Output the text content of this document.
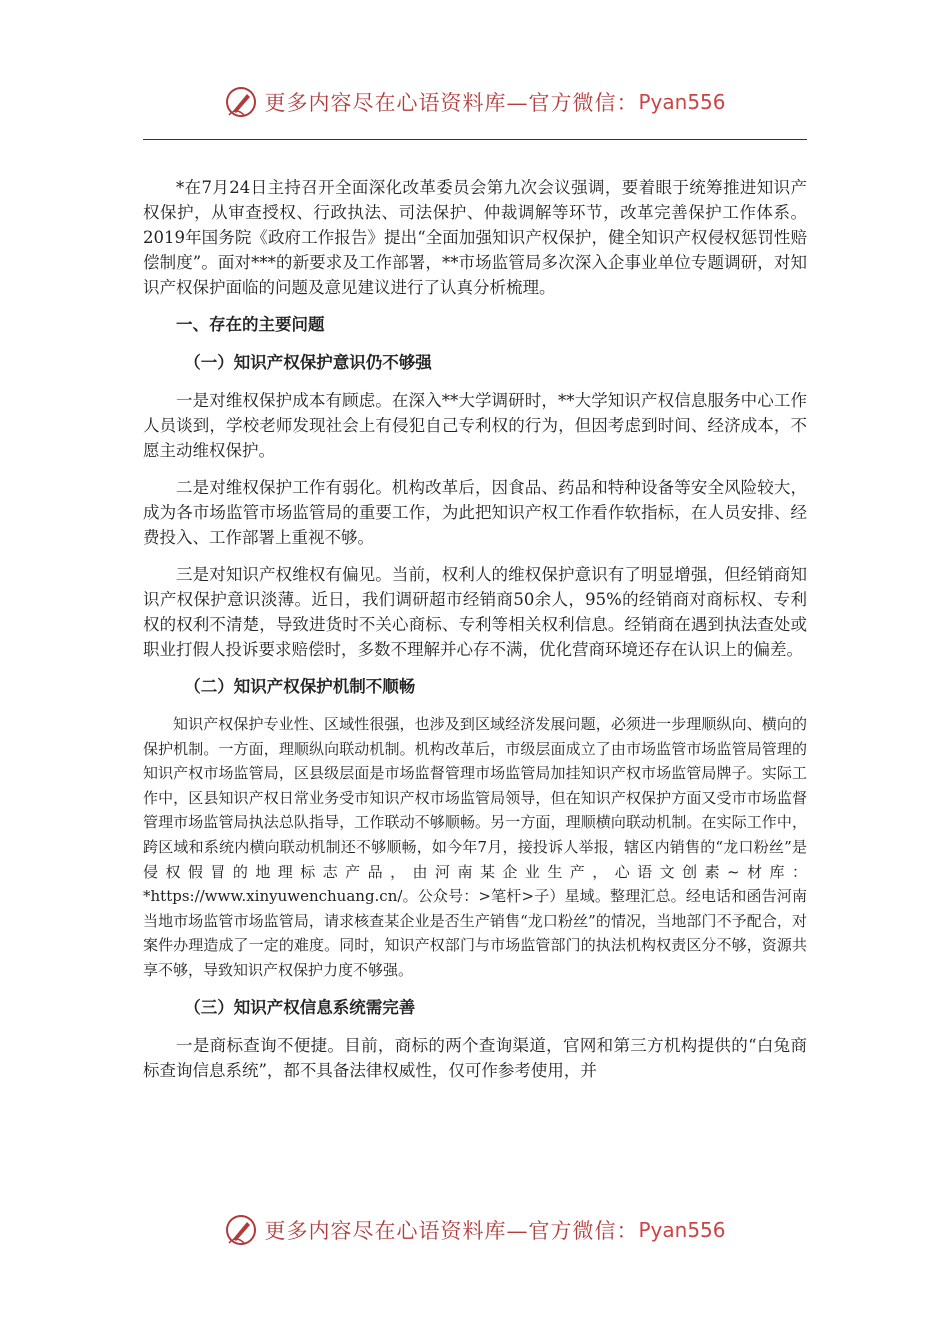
更多内容尽在心语资料库—官方微信： Pyan556

*在7月24日主持召开全面深化改革委员会第九次会议强调，要着眼于统筹推进知识产权保护，从审查授权、行政执法、司法保护、仲裁调解等环节，改革完善保护工作体系。2019年国务院《政府工作报告》提出“全面加强知识产权保护，健全知识产权侵权惩罚性赔偿制度”。面对***的新要求及工作部署，**市场监管局多次深入企事业单位专题调研，对知识产权保护面临的问题及意见建议进行了认真分析梳理。

一、存在的主要问题
（一）知识产权保护意识仍不够强

一是对维权保护成本有顾虑。在深入**大学调研时，**大学知识产权信息服务中心工作人员谈到，学校老师发现社会上有侵犯自己专利权的行为，但因考虑到时间、经济成本，不愿主动维权保护。

二是对维权保护工作有弱化。机构改革后，因食品、药品和特种设备等安全风险较大，成为各市场监管市场监管局的重要工作，为此把知识产权工作看作软指标，在人员安排、经费投入、工作部署上重视不够。

三是对知识产权维权有偏见。当前，权利人的维权保护意识有了明显增强，但经销商知识产权保护意识淡薄。近日，我们调研超市经销商50余人，95%的经销商对商标权、专利权的权利不清楚，导致进货时不关心商标、专利等相关权利信息。经销商在遇到执法查处或职业打假人投诉要求赔偿时，多数不理解并心存不满，优化营商环境还存在认识上的偏差。

（二）知识产权保护机制不顺畅

知识产权保护专业性、区域性很强，也涉及到区域经济发展问题，必须进一步理顺纵向、横向的保护机制。一方面，理顺纵向联动机制。机构改革后，市级层面成立了由市场监管市场监管局管理的知识产权市场监管局，区县级层面是市场监督管理市场监管局加挂知识产权市场监管局牌子。实际工作中，区县知识产权日常业务受市知识产权市场监管局领导，但在知识产权保护方面又受市市场监督管理市场监管局执法总队指导，工作联动不够顺畅。另一方面，理顺横向联动机制。在实际工作中，跨区域和系统内横向联动机制还不够顺畅，如今年7月，接投诉人举报，辖区内销售的“龙口粉丝”是侵权假冒的地理标志产品，由河南某企业生产，心语文创素~材库：*https://www.xinyuwenchuang.cn/。公众号：>笔杆>子）星域。整理汇总。经电话和函告河南当地市场监管市场监管局，请求核查某企业是否生产销售“龙口粉丝”的情况，当地部门不予配合，对案件办理造成了一定的难度。同时，知识产权部门与市场监管部门的执法机构权责区分不够，资源共享不够，导致知识产权保护力度不够强。

（三）知识产权信息系统需完善

一是商标查询不便捷。目前，商标的两个查询渠道，官网和第三方机构提供的“白兔商标查询信息系统”，都不具备法律权威性，仅可作参考使用，并

更多内容尽在心语资料库—官方微信： Pyan556
